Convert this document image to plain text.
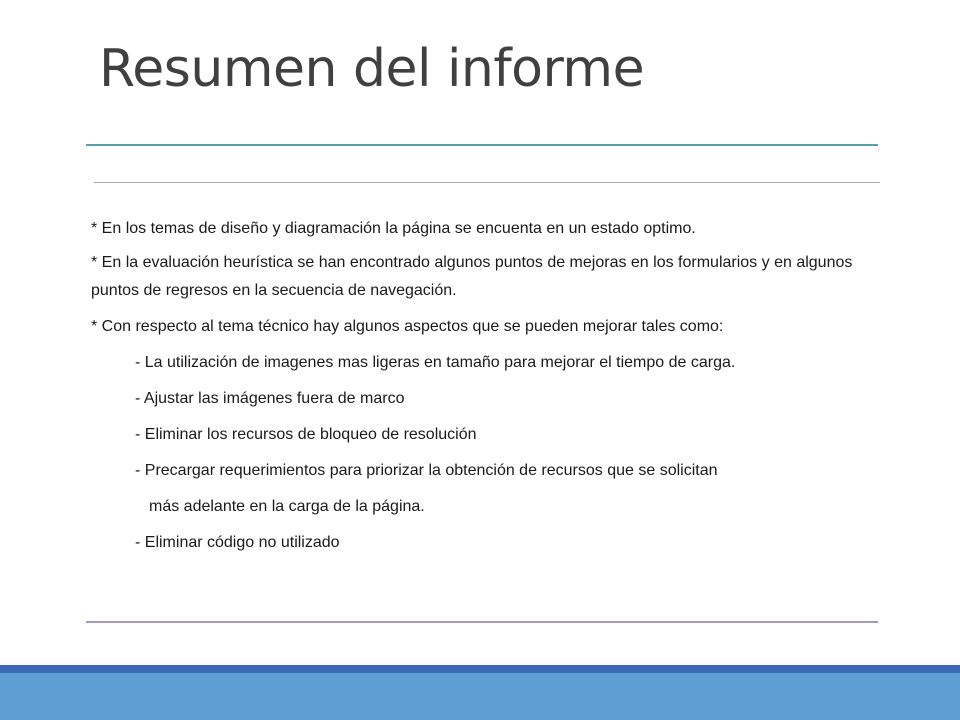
Resumen del informe

* En los temas de diseño y diagramación la página se encuenta en un estado optimo.

* En la evaluación heurística se han encontrado algunos puntos de mejoras en los formularios y en algunos puntos de regresos en la secuencia de navegación.

* Con respecto al tema técnico hay algunos aspectos que se pueden mejorar tales como:

- La utilización de imagenes mas ligeras en tamaño para mejorar el tiempo de carga.
- Ajustar las imágenes fuera de marco
- Eliminar los recursos de bloqueo de resolución
- Precargar requerimientos para priorizar la obtención de recursos que se solicitan
más adelante en la carga de la página.
- Eliminar código no utilizado
